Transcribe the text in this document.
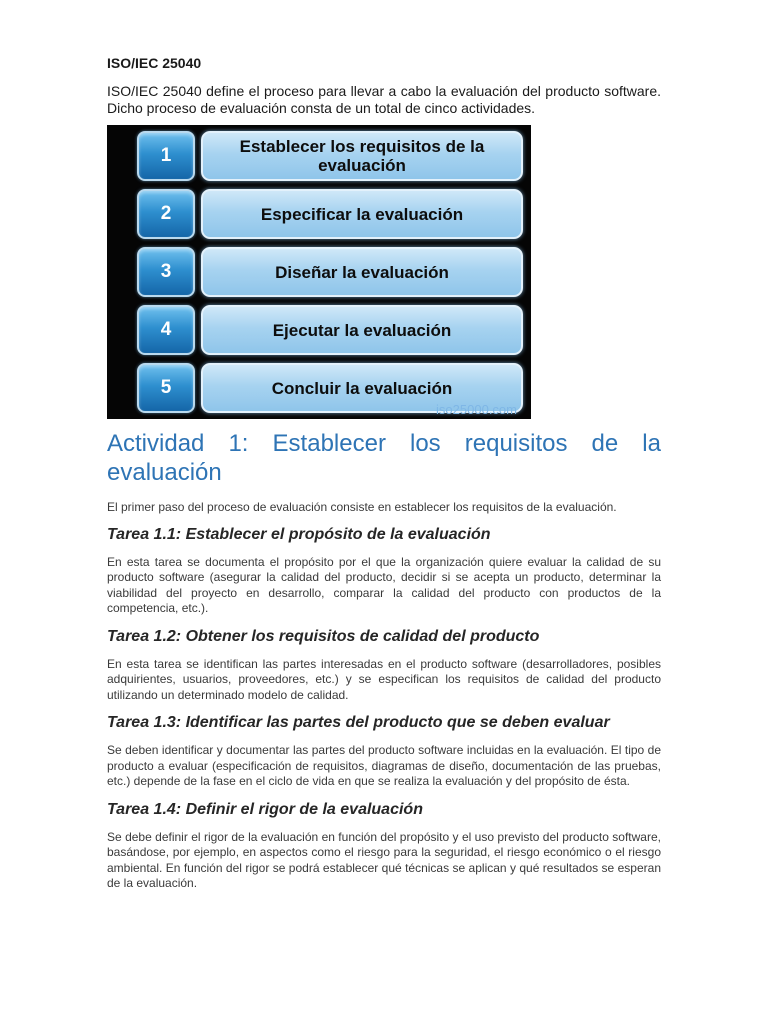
ISO/IEC 25040

ISO/IEC 25040 define el proceso para llevar a cabo la evaluación del producto software. Dicho proceso de evaluación consta de un total de cinco actividades.

1	Establecer los requisitos de la evaluación
2	Especificar la evaluación
3	Diseñar la evaluación
4	Ejecutar la evaluación
5	Concluir la evaluación
iso25000.com
Actividad 1: Establecer los requisitos de la evaluación

El primer paso del proceso de evaluación consiste en establecer los requisitos de la evaluación.

Tarea 1.1: Establecer el propósito de la evaluación

En esta tarea se documenta el propósito por el que la organización quiere evaluar la calidad de su producto software (asegurar la calidad del producto, decidir si se acepta un producto, determinar la viabilidad del proyecto en desarrollo, comparar la calidad del producto con productos de la competencia, etc.).

Tarea 1.2: Obtener los requisitos de calidad del producto

En esta tarea se identifican las partes interesadas en el producto software (desarrolladores, posibles adquirientes, usuarios, proveedores, etc.) y se especifican los requisitos de calidad del producto utilizando un determinado modelo de calidad.

Tarea 1.3: Identificar las partes del producto que se deben evaluar

Se deben identificar y documentar las partes del producto software incluidas en la evaluación. El tipo de producto a evaluar (especificación de requisitos, diagramas de diseño, documentación de las pruebas, etc.) depende de la fase en el ciclo de vida en que se realiza la evaluación y del propósito de ésta.

Tarea 1.4: Definir el rigor de la evaluación

Se debe definir el rigor de la evaluación en función del propósito y el uso previsto del producto software, basándose, por ejemplo, en aspectos como el riesgo para la seguridad, el riesgo económico o el riesgo ambiental. En función del rigor se podrá establecer qué técnicas se aplican y qué resultados se esperan de la evaluación.
